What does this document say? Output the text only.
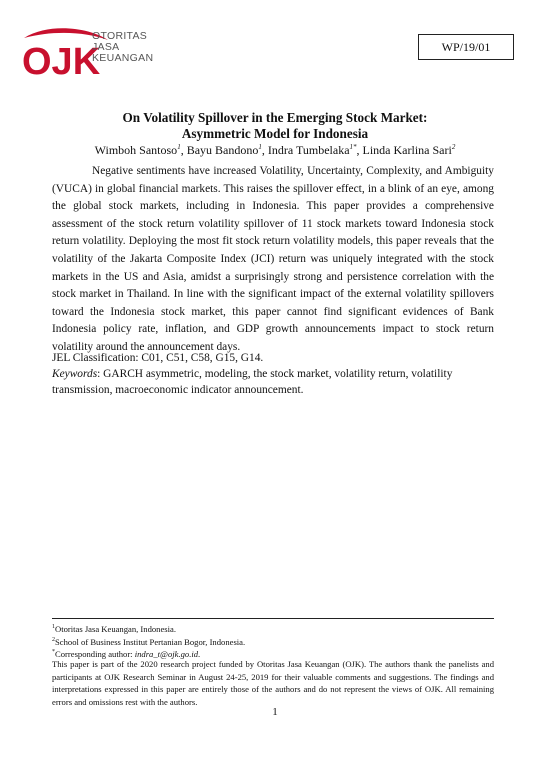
OJK
OTORITAS
JASA
KEUANGAN
WP/19/01
On Volatility Spillover in the Emerging Stock Market:
Asymmetric Model for Indonesia
Wimboh Santoso$^1$, Bayu Bandono$^1$, Indra Tumbelaka$^{1*}$, Linda Karlina Sari$^2$

Negative sentiments have increased Volatility, Uncertainty, Complexity, and Ambiguity (VUCA) in global financial markets. This raises the spillover effect, in a blink of an eye, among the global stock markets, including in Indonesia. This paper provides a comprehensive assessment of the stock return volatility spillover of 11 stock markets toward Indonesia stock return volatility. Deploying the most fit stock return volatility models, this paper reveals that the volatility of the Jakarta Composite Index (JCI) return was uniquely integrated with the stock markets in the US and Asia, amidst a surprisingly strong and persistence correlation with the stock market in Thailand. In line with the significant impact of the external volatility spillovers toward the Indonesia stock market, this paper cannot find significant evidences of Bank Indonesia policy rate, inflation, and GDP growth announcements impact to stock return volatility around the announcement days.

JEL Classification: C01, C51, C58, G15, G14.
Keywords: GARCH asymmetric, modeling, the stock market, volatility return, volatility transmission, macroeconomic indicator announcement.
$^1$Otoritas Jasa Keuangan, Indonesia.
$^2$School of Business Institut Pertanian Bogor, Indonesia.
*Corresponding author: indra_t@ojk.go.id.
This paper is part of the 2020 research project funded by Otoritas Jasa Keuangan (OJK). The authors thank the panelists and participants at OJK Research Seminar in August 24-25, 2019 for their valuable comments and suggestions. The findings and interpretations expressed in this paper are entirely those of the authors and do not represent the views of OJK. All remaining errors and omissions rest with the authors.
1
